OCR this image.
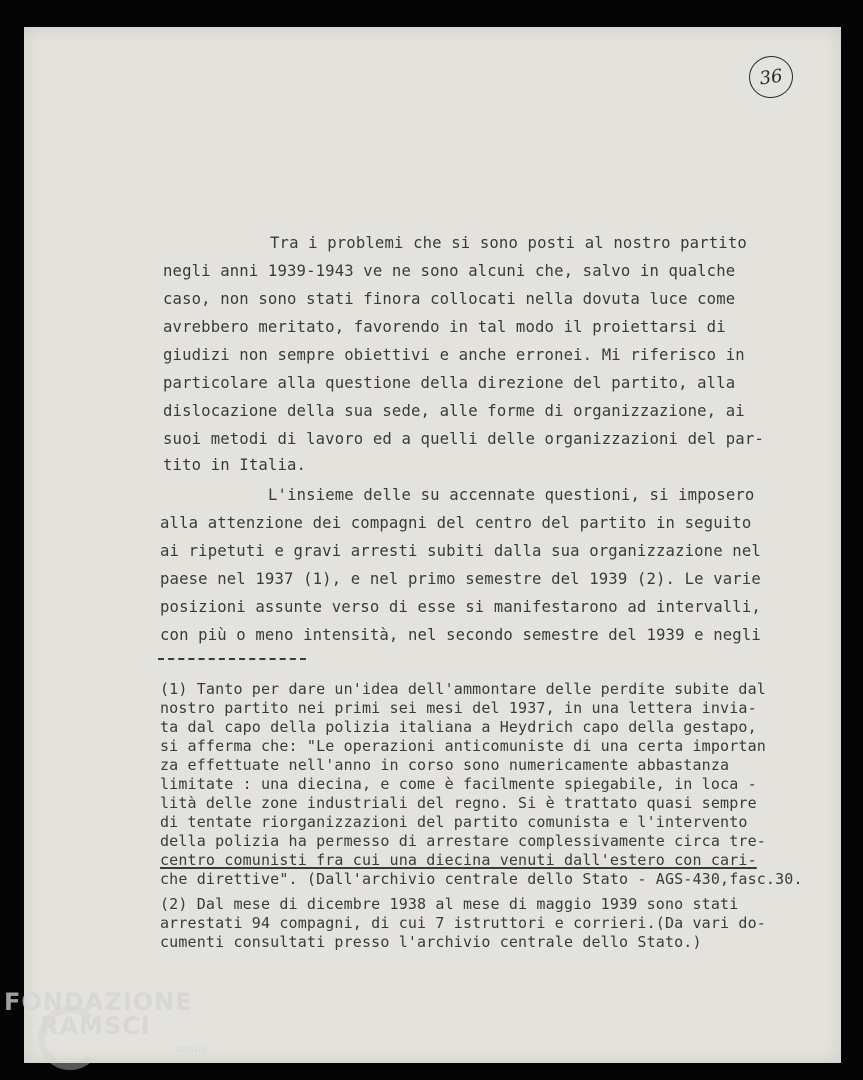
36

Tra i problemi che si sono posti al nostro partito

negli anni 1939-1943 ve ne sono alcuni che, salvo in qualche

caso, non sono stati finora collocati nella dovuta luce come

avrebbero meritato, favorendo in tal modo il proiettarsi di

giudizi non sempre obiettivi e anche erronei. Mi riferisco in

particolare alla questione della direzione del partito, alla

dislocazione della sua sede, alle forme di organizzazione, ai

suoi metodi di lavoro ed a quelli delle organizzazioni del par-

tito in Italia.

L'insieme delle su accennate questioni, si imposero

alla attenzione dei compagni del centro del partito in seguito

ai ripetuti e gravi arresti subiti dalla sua organizzazione nel

paese nel 1937 (1), e nel primo semestre del 1939 (2). Le varie

posizioni assunte verso di esse si manifestarono ad intervalli,

con più o meno intensità, nel secondo semestre del 1939 e negli

(1) Tanto per dare un'idea dell'ammontare delle perdite subite dal

nostro partito nei primi sei mesi del 1937, in una lettera invia-

ta dal capo della polizia italiana a Heydrich capo della gestapo,

si afferma che: "Le operazioni anticomuniste di una certa importan

za effettuate nell'anno in corso sono numericamente abbastanza

limitate : una diecina, e come è facilmente spiegabile, in loca -

lità delle zone industriali del regno. Si è trattato quasi sempre

di tentate riorganizzazioni del partito comunista e l'intervento

della polizia ha permesso di arrestare complessivamente circa tre-

centro comunisti fra cui una diecina venuti dall'estero con cari-

che direttive". (Dall'archivio centrale dello Stato - AGS-430,fasc.30.

(2) Dal mese di dicembre 1938 al mese di maggio 1939 sono stati

arrestati 94 compagni, di cui 7 istruttori e corrieri.(Da vari do-

cumenti consultati presso l'archivio centrale dello Stato.)

FONDAZIONE
RAMSCI
onlus
